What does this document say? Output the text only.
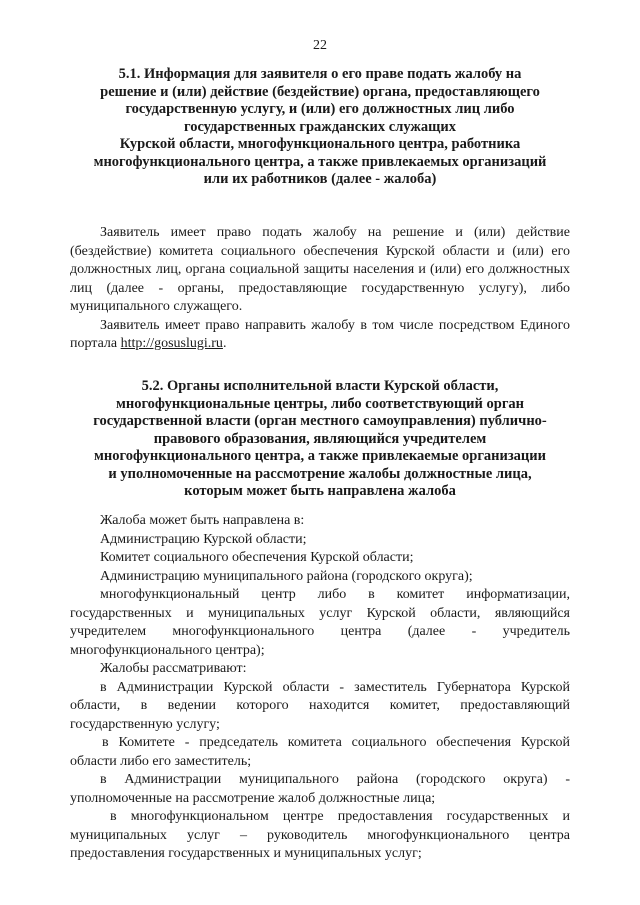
22
5.1. Информация для заявителя о его праве подать жалобу на
решение и (или) действие (бездействие) органа, предоставляющего
государственную услугу, и (или) его должностных лиц либо
государственных гражданских служащих
Курской области, многофункционального центра, работника
многофункционального центра, а также привлекаемых организаций
или их работников (далее - жалоба)

Заявитель имеет право подать жалобу на решение и (или) действие (бездействие) комитета социального обеспечения Курской области и (или) его должностных лиц, органа социальной защиты населения и (или) его должностных лиц (далее - органы, предоставляющие государственную услугу), либо муниципального служащего.

Заявитель имеет право направить жалобу в том числе посредством Единого портала http://gosuslugi.ru.

5.2. Органы исполнительной власти Курской области,
многофункциональные центры, либо соответствующий орган
государственной власти (орган местного самоуправления) публично-
правового образования, являющийся учредителем
многофункционального центра, а также привлекаемые организации
и уполномоченные на рассмотрение жалобы должностные лица,
которым может быть направлена жалоба

Жалоба может быть направлена в:

Администрацию Курской области;

Комитет социального обеспечения Курской области;

Администрацию муниципального района (городского округа);

многофункциональный центр либо в комитет информатизации, государственных и муниципальных услуг Курской области, являющийся учредителем многофункционального центра (далее - учредитель многофункционального центра);

Жалобы рассматривают:

в Администрации Курской области - заместитель Губернатора Курской области, в ведении которого находится комитет, предоставляющий государственную услугу;

в Комитете - председатель комитета социального обеспечения Курской области либо его заместитель;

в Администрации муниципального района (городского округа) - уполномоченные на рассмотрение жалоб должностные лица;

в многофункциональном центре предоставления государственных и муниципальных услуг – руководитель многофункционального центра предоставления государственных и муниципальных услуг;
